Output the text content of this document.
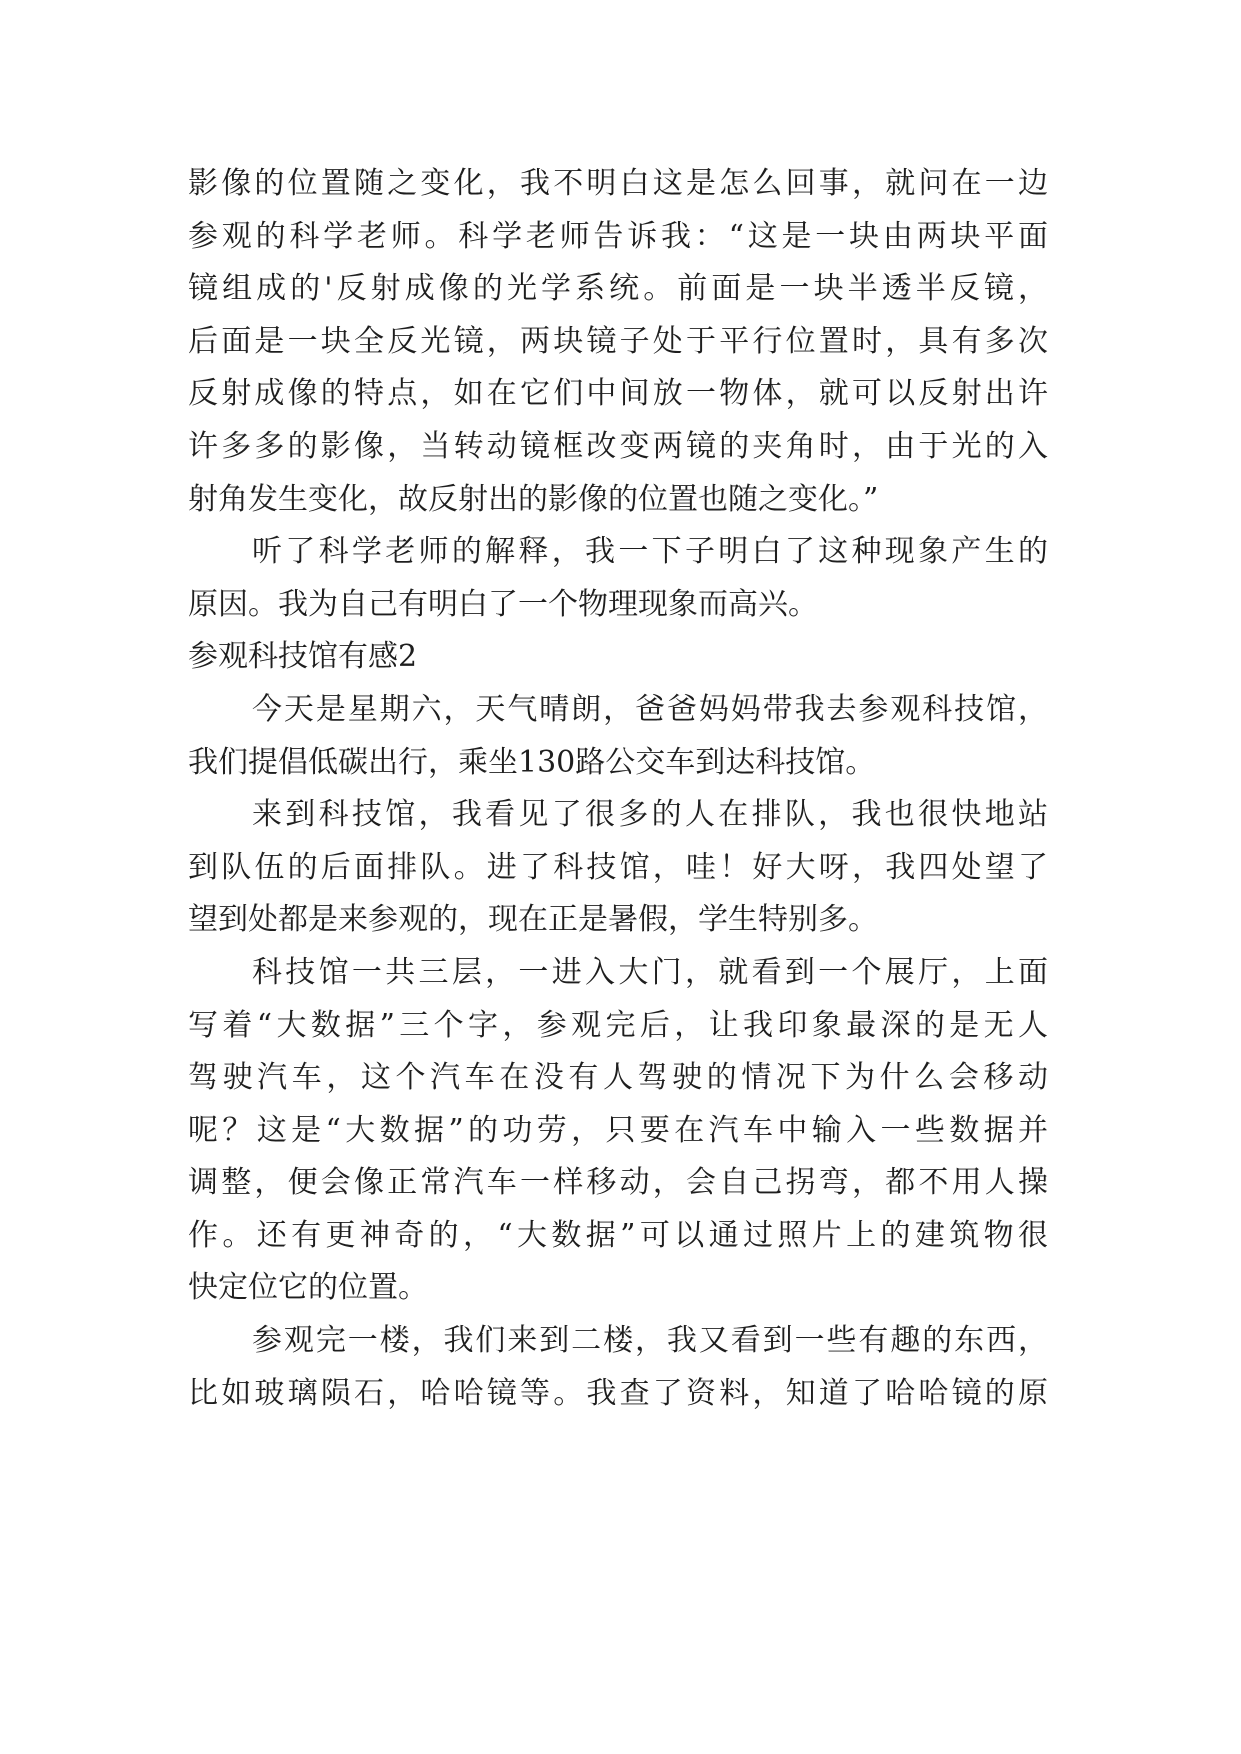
影像的位置随之变化，我不明白这是怎么回事，就问在一边
参观的科学老师。科学老师告诉我：“这是一块由两块平面
镜组成的'反射成像的光学系统。前面是一块半透半反镜，
后面是一块全反光镜，两块镜子处于平行位置时，具有多次
反射成像的特点，如在它们中间放一物体，就可以反射出许
许多多的影像，当转动镜框改变两镜的夹角时，由于光的入
射角发生变化，故反射出的影像的位置也随之变化。”
听了科学老师的解释，我一下子明白了这种现象产生的
原因。我为自己有明白了一个物理现象而高兴。
参观科技馆有感2
今天是星期六，天气晴朗，爸爸妈妈带我去参观科技馆，
我们提倡低碳出行，乘坐130路公交车到达科技馆。
来到科技馆，我看见了很多的人在排队，我也很快地站
到队伍的后面排队。进了科技馆，哇！好大呀，我四处望了
望到处都是来参观的，现在正是暑假，学生特别多。
科技馆一共三层，一进入大门，就看到一个展厅，上面
写着“大数据”三个字，参观完后，让我印象最深的是无人
驾驶汽车，这个汽车在没有人驾驶的情况下为什么会移动
呢？这是“大数据”的功劳，只要在汽车中输入一些数据并
调整，便会像正常汽车一样移动，会自己拐弯，都不用人操
作。还有更神奇的，“大数据”可以通过照片上的建筑物很
快定位它的位置。
参观完一楼，我们来到二楼，我又看到一些有趣的东西，
比如玻璃陨石，哈哈镜等。我查了资料，知道了哈哈镜的原
